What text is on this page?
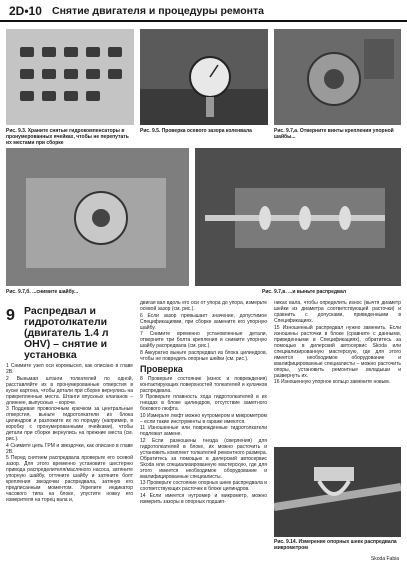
2D•10 Снятие двигателя и процедуры ремонта
Рис. 9.3. Храните снятые гидрокомпенсаторы в пронумерованных ячейках, чтобы не перепутать их местами при сборке
Рис. 9.5. Проверка осевого зазора коленвала	Рис. 9.7,а. Отверните винты крепления упорной шайбы...
Рис. 9.7,б. ...снимите шайбу...	Рис. 9.7,в. ...и выньте распредвал
9 Распредвал и гидротолкатели (двигатель 1.4 л OHV) – снятие и установка

1 Снимите узел оси коромысел, как описано в главе 2В.

2 Выньмая штанги толкателей по одной, расставляйте их в пронумерованные отверстия в куске картона, чтобы детали при сборке вернулись на прикрепленные места. Штанги впускных клапанов – длиннее, выпускных – короче.

3 Поддевая проволочным крючком за центральные отверстия, выньте гидротолкатели из блока цилиндров и разложите их по порядку (например, в коробку с пронумерованными ячейками), чтобы детали при сборке вернулись на прежние места (см. рис.).

4 Снимите цепь ГРМ и звездочки, как описано в главе 2В.

5 Перед снятием распредвала проверьте его осевой зазор. Для этого временно установите шестерню привода распределителя/масляного насоса, затяните упорную шайбу, оттяните шайбу и затяните болт крепления звездочки распредвала, затянув его предписанным моментом. Укрепите индикатор часового типа на блоке, упустите ножку его измерителя на торец вала и,

двигая вал вдоль его оси от упора до упора, измерьте осевой зазор (см. рис.).

6 Если зазор превышает значение, допустимое Спецификациями, при сборке замените его упорную шайбу.

7 Снимите временно установленные детали, отверните три болта крепления и снимите упорную шайбу распредвала (см. рис.).

8 Аккуратно выньте распредвал из блока цилиндров, чтобы не повредить опорные шейки (см. рис.).

Проверка

8 Проверьте состояние (износ и повреждения) контактирующих поверхностей толкателей и кулачков распредвала.

9 Проверьте плавность хода гидротолкателей в их гнездах в блоке цилиндров, отсутствие заметного бокового люфта.

10 Измерьте люфт можно нутромером и микрометром – если такие инструменты в гараже имеются.

11 Изношенные или поврежденные гидротолкатели подлежат замене.

12 Если разношены гнезда (сверления) для гидротолкателей в блоке, их можно расточить и установить комплект толкателей ремонтного размера. Обратитесь за помощью в дилерский автосервис Skoda или специализированную мастерскую, где для этого имеется необходимое оборудование и квалифицированные специалисты.

13 Проверьте состояние опорных шеек распредвала и соответствующих расточек в блоке цилиндров.

14 Если имеется нутромер и микрометр, можно измерить зазоры в опорных подшип-

никах вала, чтобы определить износ (вычтя диаметр шейки из диаметра соответствующей расточки) и сравнить с допусками, приведенными в Спецификациях.

15 Изношенный распредвал нужно заменить. Если изношены расточки в блоке (сравните с данными, приведенными в Спецификациях), обратитесь за помощью в дилерский автосервис Skoda или специализированную мастерскую, где для этого имеется необходимое оборудование и квалифицированные специалисты – можно расточить опоры, установить ремонтные вкладыши и развернуть их.

16 Изношенную упорное кольцо замените новым.

Рис. 9.14. Измерение опорных шеек распредвала микрометром
Skoda Fabia
